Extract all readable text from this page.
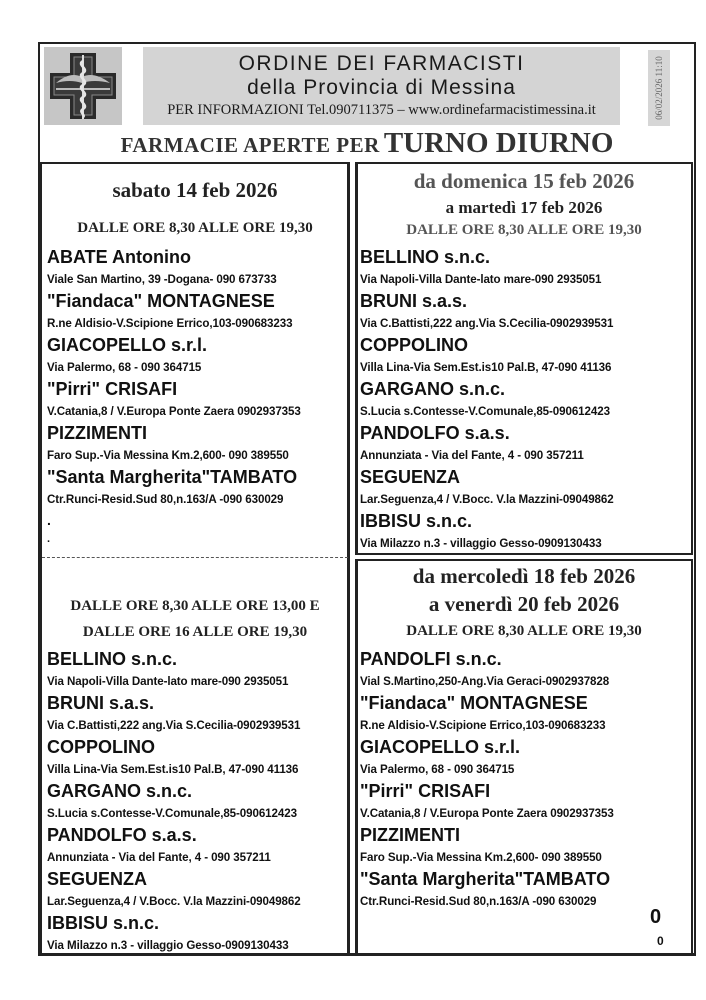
ORDINE DEI FARMACISTI
della Provincia di Messina
PER INFORMAZIONI Tel.090711375 – www.ordinefarmacistimessina.it	06/02/2026 11:10
FARMACIE APERTE PER TURNO DIURNO
sabato 14 feb 2026
DALLE ORE 8,30 ALLE ORE 19,30
ABATE Antonino
Viale San Martino, 39 -Dogana- 090 673733
"Fiandaca" MONTAGNESE
R.ne Aldisio-V.Scipione Errico,103-090683233
GIACOPELLO s.r.l.
Via Palermo, 68 - 090 364715
"Pirri" CRISAFI
V.Catania,8 / V.Europa Ponte Zaera 0902937353
PIZZIMENTI
Faro Sup.-Via Messina Km.2,600- 090 389550
"Santa Margherita"TAMBATO
Ctr.Runci-Resid.Sud 80,n.163/A -090 630029
.
.
da domenica 15 feb 2026
a martedì 17 feb 2026
DALLE ORE 8,30 ALLE ORE 19,30
BELLINO s.n.c.
Via Napoli-Villa Dante-lato mare-090 2935051
BRUNI s.a.s.
Via C.Battisti,222 ang.Via S.Cecilia-0902939531
COPPOLINO
Villa Lina-Via Sem.Est.is10 Pal.B, 47-090 41136
GARGANO s.n.c.
S.Lucia s.Contesse-V.Comunale,85-090612423
PANDOLFO s.a.s.
Annunziata - Via del Fante, 4 - 090 357211
SEGUENZA
Lar.Seguenza,4 / V.Bocc. V.la Mazzini-09049862
IBBISU s.n.c.
Via Milazzo n.3 - villaggio Gesso-0909130433
DALLE ORE 8,30 ALLE ORE 13,00 E
DALLE ORE 16 ALLE ORE 19,30
BELLINO s.n.c.
Via Napoli-Villa Dante-lato mare-090 2935051
BRUNI s.a.s.
Via C.Battisti,222 ang.Via S.Cecilia-0902939531
COPPOLINO
Villa Lina-Via Sem.Est.is10 Pal.B, 47-090 41136
GARGANO s.n.c.
S.Lucia s.Contesse-V.Comunale,85-090612423
PANDOLFO s.a.s.
Annunziata - Via del Fante, 4 - 090 357211
SEGUENZA
Lar.Seguenza,4 / V.Bocc. V.la Mazzini-09049862
IBBISU s.n.c.
Via Milazzo n.3 - villaggio Gesso-0909130433
da mercoledì 18 feb 2026
a venerdì 20 feb 2026
DALLE ORE 8,30 ALLE ORE 19,30
PANDOLFI s.n.c.
Vial S.Martino,250-Ang.Via Geraci-0902937828
"Fiandaca" MONTAGNESE
R.ne Aldisio-V.Scipione Errico,103-090683233
GIACOPELLO s.r.l.
Via Palermo, 68 - 090 364715
"Pirri" CRISAFI
V.Catania,8 / V.Europa Ponte Zaera 0902937353
PIZZIMENTI
Faro Sup.-Via Messina Km.2,600- 090 389550
"Santa Margherita"TAMBATO
Ctr.Runci-Resid.Sud 80,n.163/A -090 630029
0
0
